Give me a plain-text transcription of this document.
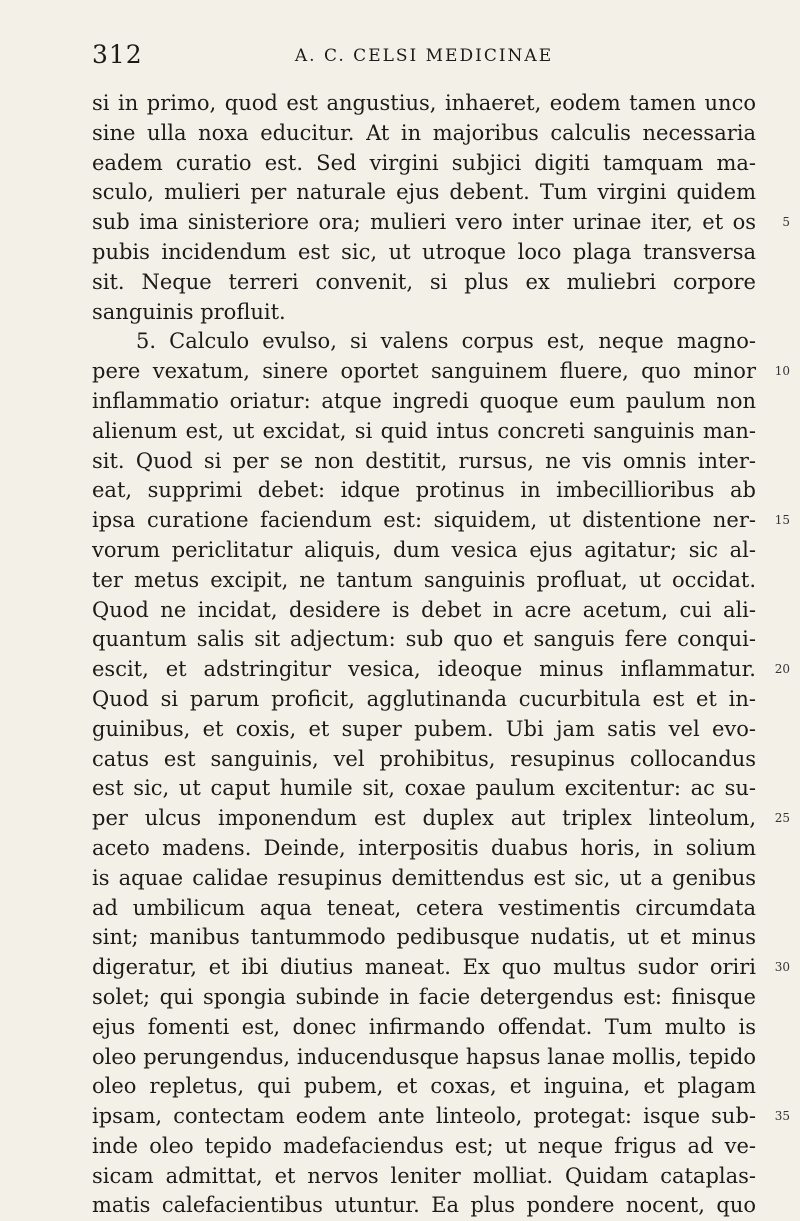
312	A. C. CELSI MEDICINAE
si in primo, quod est angustius, inhaeret, eodem tamen unco
sine ulla noxa educitur. At in majoribus calculis necessaria
eadem curatio est. Sed virgini subjici digiti tamquam ma-
sculo, mulieri per naturale ejus debent. Tum virgini quidem
sub ima sinisteriore ora; mulieri vero inter urinae iter, et os 5
pubis incidendum est sic, ut utroque loco plaga transversa
sit. Neque terreri convenit, si plus ex muliebri corpore
sanguinis profluit.
5. Calculo evulso, si valens corpus est, neque magno-
pere vexatum, sinere oportet sanguinem fluere, quo minor 10
inflammatio oriatur: atque ingredi quoque eum paulum non
alienum est, ut excidat, si quid intus concreti sanguinis man-
sit. Quod si per se non destitit, rursus, ne vis omnis inter-
eat, supprimi debet: idque protinus in imbecillioribus ab
ipsa curatione faciendum est: siquidem, ut distentione ner- 15
vorum periclitatur aliquis, dum vesica ejus agitatur; sic al-
ter metus excipit, ne tantum sanguinis profluat, ut occidat.
Quod ne incidat, desidere is debet in acre acetum, cui ali-
quantum salis sit adjectum: sub quo et sanguis fere conqui-
escit, et adstringitur vesica, ideoque minus inflammatur. 20
Quod si parum proficit, agglutinanda cucurbitula est et in-
guinibus, et coxis, et super pubem. Ubi jam satis vel evo-
catus est sanguinis, vel prohibitus, resupinus collocandus
est sic, ut caput humile sit, coxae paulum excitentur: ac su-
per ulcus imponendum est duplex aut triplex linteolum, 25
aceto madens. Deinde, interpositis duabus horis, in solium
is aquae calidae resupinus demittendus est sic, ut a genibus
ad umbilicum aqua teneat, cetera vestimentis circumdata
sint; manibus tantummodo pedibusque nudatis, ut et minus
digeratur, et ibi diutius maneat. Ex quo multus sudor oriri 30
solet; qui spongia subinde in facie detergendus est: finisque
ejus fomenti est, donec infirmando offendat. Tum multo is
oleo perungendus, inducendusque hapsus lanae mollis, tepido
oleo repletus, qui pubem, et coxas, et inguina, et plagam
ipsam, contectam eodem ante linteolo, protegat: isque sub- 35
inde oleo tepido madefaciendus est; ut neque frigus ad ve-
sicam admittat, et nervos leniter molliat. Quidam cataplas-
matis calefacientibus utuntur. Ea plus pondere nocent, quo
